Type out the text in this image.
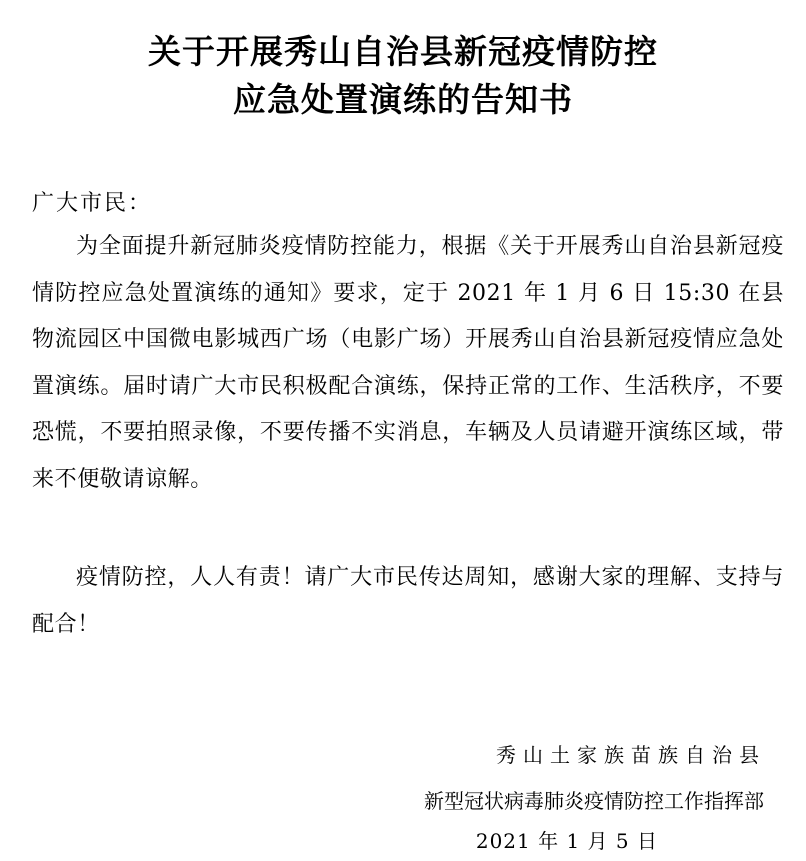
关于开展秀山自治县新冠疫情防控
应急处置演练的告知书
广大市民：

为全面提升新冠肺炎疫情防控能力，根据《关于开展秀山自治县新冠疫情防控应急处置演练的通知》要求，定于 2021 年 1 月 6 日 15:30 在县物流园区中国微电影城西广场（电影广场）开展秀山自治县新冠疫情应急处置演练。届时请广大市民积极配合演练，保持正常的工作、生活秩序，不要恐慌，不要拍照录像，不要传播不实消息，车辆及人员请避开演练区域，带来不便敬请谅解。

疫情防控，人人有责！请广大市民传达周知，感谢大家的理解、支持与配合！

秀山土家族苗族自治县
新型冠状病毒肺炎疫情防控工作指挥部
2021 年 1 月 5 日
